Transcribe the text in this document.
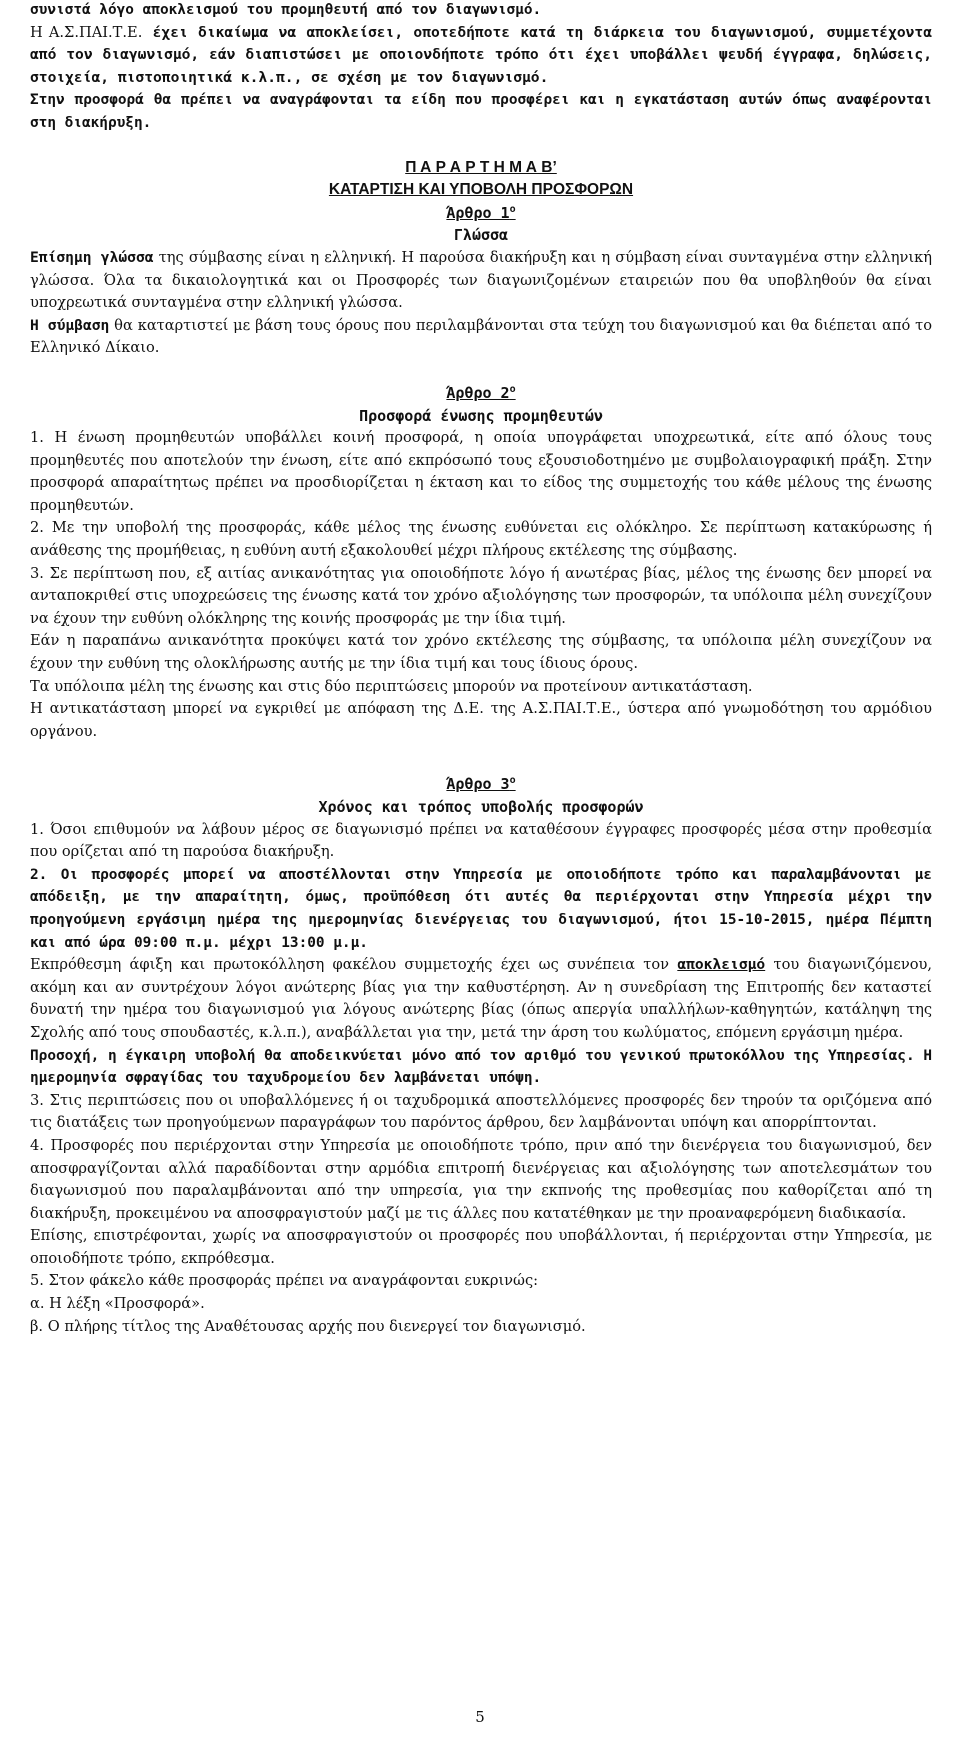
συνιστά λόγο αποκλεισμού του προμηθευτή από τον διαγωνισμό.

Η Α.Σ.ΠΑΙ.Τ.Ε. έχει δικαίωμα να αποκλείσει, οποτεδήποτε κατά τη διάρκεια του διαγωνισμού, συμμετέχοντα από τον διαγωνισμό, εάν διαπιστώσει με οποιονδήποτε τρόπο ότι έχει υποβάλλει ψευδή έγγραφα, δηλώσεις, στοιχεία, πιστοποιητικά κ.λ.π., σε σχέση με τον διαγωνισμό.

Στην προσφορά θα πρέπει να αναγράφονται τα είδη που προσφέρει και η εγκατάσταση αυτών όπως αναφέρονται στη διακήρυξη.

Π Α Ρ Α Ρ Τ Η Μ Α Β’

ΚΑΤΑΡΤΙΣΗ ΚΑΙ ΥΠΟΒΟΛΗ ΠΡΟΣΦΟΡΩΝ

Άρθρο $1^o$

Γλώσσα

Επίσημη γλώσσα της σύμβασης είναι η ελληνική. Η παρούσα διακήρυξη και η σύμβαση είναι συνταγμένα στην ελληνική γλώσσα. Όλα τα δικαιολογητικά και οι Προσφορές των διαγωνιζομένων εταιρειών που θα υποβληθούν θα είναι υποχρεωτικά συνταγμένα στην ελληνική γλώσσα.

Η σύμβαση θα καταρτιστεί με βάση τους όρους που περιλαμβάνονται στα τεύχη του διαγωνισμού και θα διέπεται από το Ελληνικό Δίκαιο.

Άρθρο $2^o$

Προσφορά ένωσης προμηθευτών

1. Η ένωση προμηθευτών υποβάλλει κοινή προσφορά, η οποία υπογράφεται υποχρεωτικά, είτε από όλους τους προμηθευτές που αποτελούν την ένωση, είτε από εκπρόσωπό τους εξουσιοδοτημένο με συμβολαιογραφική πράξη. Στην προσφορά απαραίτητως πρέπει να προσδιορίζεται η έκταση και το είδος της συμμετοχής του κάθε μέλους της ένωσης προμηθευτών.

2. Με την υποβολή της προσφοράς, κάθε μέλος της ένωσης ευθύνεται εις ολόκληρο. Σε περίπτωση κατακύρωσης ή ανάθεσης της προμήθειας, η ευθύνη αυτή εξακολουθεί μέχρι πλήρους εκτέλεσης της σύμβασης.

3. Σε περίπτωση που, εξ αιτίας ανικανότητας για οποιοδήποτε λόγο ή ανωτέρας βίας, μέλος της ένωσης δεν μπορεί να ανταποκριθεί στις υποχρεώσεις της ένωσης κατά τον χρόνο αξιολόγησης των προσφορών, τα υπόλοιπα μέλη συνεχίζουν να έχουν την ευθύνη ολόκληρης της κοινής προσφοράς με την ίδια τιμή.

Εάν η παραπάνω ανικανότητα προκύψει κατά τον χρόνο εκτέλεσης της σύμβασης, τα υπόλοιπα μέλη συνεχίζουν να έχουν την ευθύνη της ολοκλήρωσης αυτής με την ίδια τιμή και τους ίδιους όρους.

Τα υπόλοιπα μέλη της ένωσης και στις δύο περιπτώσεις μπορούν να προτείνουν αντικατάσταση.

Η αντικατάσταση μπορεί να εγκριθεί με απόφαση της Δ.Ε. της Α.Σ.ΠΑΙ.Τ.Ε., ύστερα από γνωμοδότηση του αρμόδιου οργάνου.

Άρθρο $3^o$

Χρόνος και τρόπος υποβολής προσφορών

1. Όσοι επιθυμούν να λάβουν μέρος σε διαγωνισμό πρέπει να καταθέσουν έγγραφες προσφορές μέσα στην προθεσμία που ορίζεται από τη παρούσα διακήρυξη.

2. Οι προσφορές μπορεί να αποστέλλονται στην Υπηρεσία με οποιοδήποτε τρόπο και παραλαμβάνονται με απόδειξη, με την απαραίτητη, όμως, προϋπόθεση ότι αυτές θα περιέρχονται στην Υπηρεσία μέχρι την προηγούμενη εργάσιμη ημέρα της ημερομηνίας διενέργειας του διαγωνισμού, ήτοι 15-10-2015, ημέρα Πέμπτη και από ώρα 09:00 π.μ. μέχρι 13:00 μ.μ.

Εκπρόθεσμη άφιξη και πρωτοκόλληση φακέλου συμμετοχής έχει ως συνέπεια τον αποκλεισμό του διαγωνιζόμενου, ακόμη και αν συντρέχουν λόγοι ανώτερης βίας για την καθυστέρηση. Αν η συνεδρίαση της Επιτροπής δεν καταστεί δυνατή την ημέρα του διαγωνισμού για λόγους ανώτερης βίας (όπως απεργία υπαλλήλων-καθηγητών, κατάληψη της Σχολής από τους σπουδαστές, κ.λ.π.), αναβάλλεται για την, μετά την άρση του κωλύματος, επόμενη εργάσιμη ημέρα.

Προσοχή, η έγκαιρη υποβολή θα αποδεικνύεται μόνο από τον αριθμό του γενικού πρωτοκόλλου της Υπηρεσίας. Η ημερομηνία σφραγίδας του ταχυδρομείου δεν λαμβάνεται υπόψη.

3. Στις περιπτώσεις που οι υποβαλλόμενες ή οι ταχυδρομικά αποστελλόμενες προσφορές δεν τηρούν τα οριζόμενα από τις διατάξεις των προηγούμενων παραγράφων του παρόντος άρθρου, δεν λαμβάνονται υπόψη και απορρίπτονται.

4. Προσφορές που περιέρχονται στην Υπηρεσία με οποιοδήποτε τρόπο, πριν από την διενέργεια του διαγωνισμού, δεν αποσφραγίζονται αλλά παραδίδονται στην αρμόδια επιτροπή διενέργειας και αξιολόγησης των αποτελεσμάτων του διαγωνισμού που παραλαμβάνονται από την υπηρεσία, για την εκπνοής της προθεσμίας που καθορίζεται από τη διακήρυξη, προκειμένου να αποσφραγιστούν μαζί με τις άλλες που κατατέθηκαν με την προαναφερόμενη διαδικασία.

Επίσης, επιστρέφονται, χωρίς να αποσφραγιστούν οι προσφορές που υποβάλλονται, ή περιέρχονται στην Υπηρεσία, με οποιοδήποτε τρόπο, εκπρόθεσμα.

5. Στον φάκελο κάθε προσφοράς πρέπει να αναγράφονται ευκρινώς:

α. Η λέξη «Προσφορά».

β. Ο πλήρης τίτλος της Αναθέτουσας αρχής που διενεργεί τον διαγωνισμό.

5
